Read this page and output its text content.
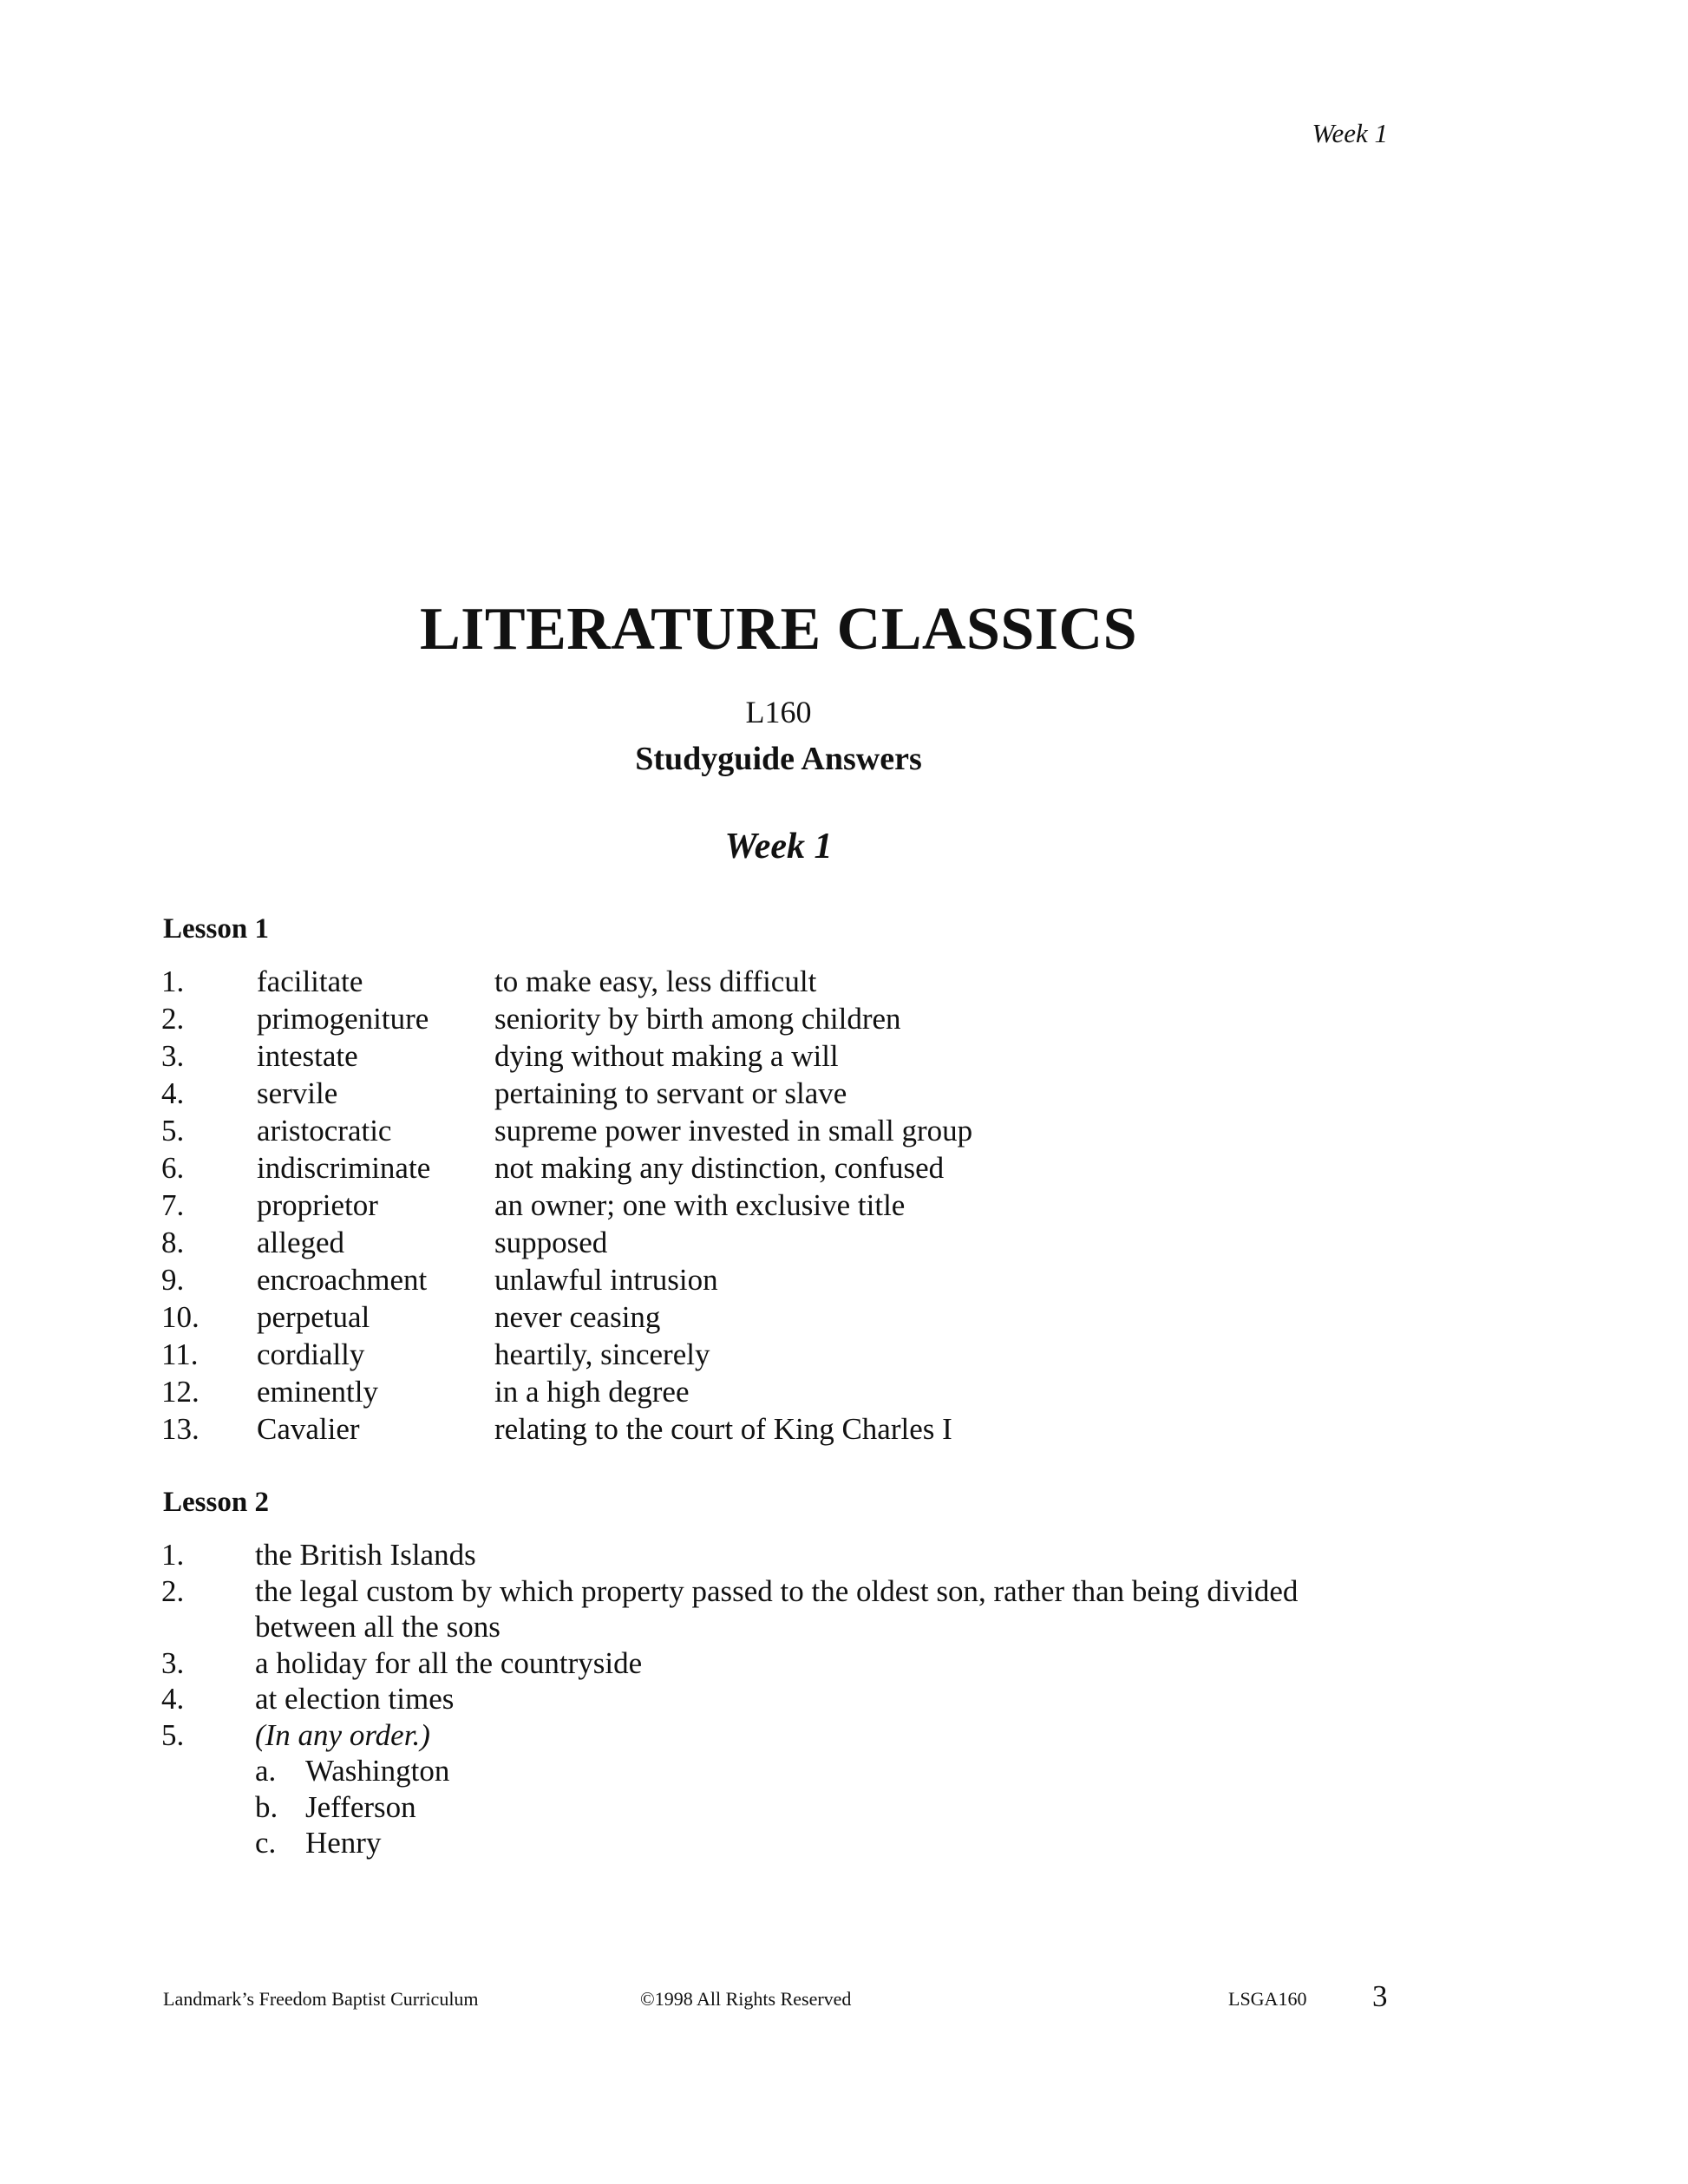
Week 1
LITERATURE CLASSICS
L160
Studyguide Answers
Week 1
Lesson 1
1. facilitate	to make easy, less difficult
2. primogeniture seniority by birth among children
3. intestate	dying without making a will
4. servile	pertaining to servant or slave
5. aristocratic	supreme power invested in small group
6. indiscriminate not making any distinction, confused
7. proprietor	an owner; one with exclusive title
8. alleged	supposed
9. encroachment unlawful intrusion
10. perpetual	never ceasing
11. cordially	heartily, sincerely
12. eminently	in a high degree
13. Cavalier	relating to the court of King Charles I
Lesson 2
1. the British Islands
2. the legal custom by which property passed to the oldest son, rather than being divided between all the sons
3. a holiday for all the countryside
4. at election times
5. (In any order.)
a. Washington
b. Jefferson
c. Henry
Landmark’s Freedom Baptist Curriculum	©1998 All Rights Reserved	LSGA160 3
